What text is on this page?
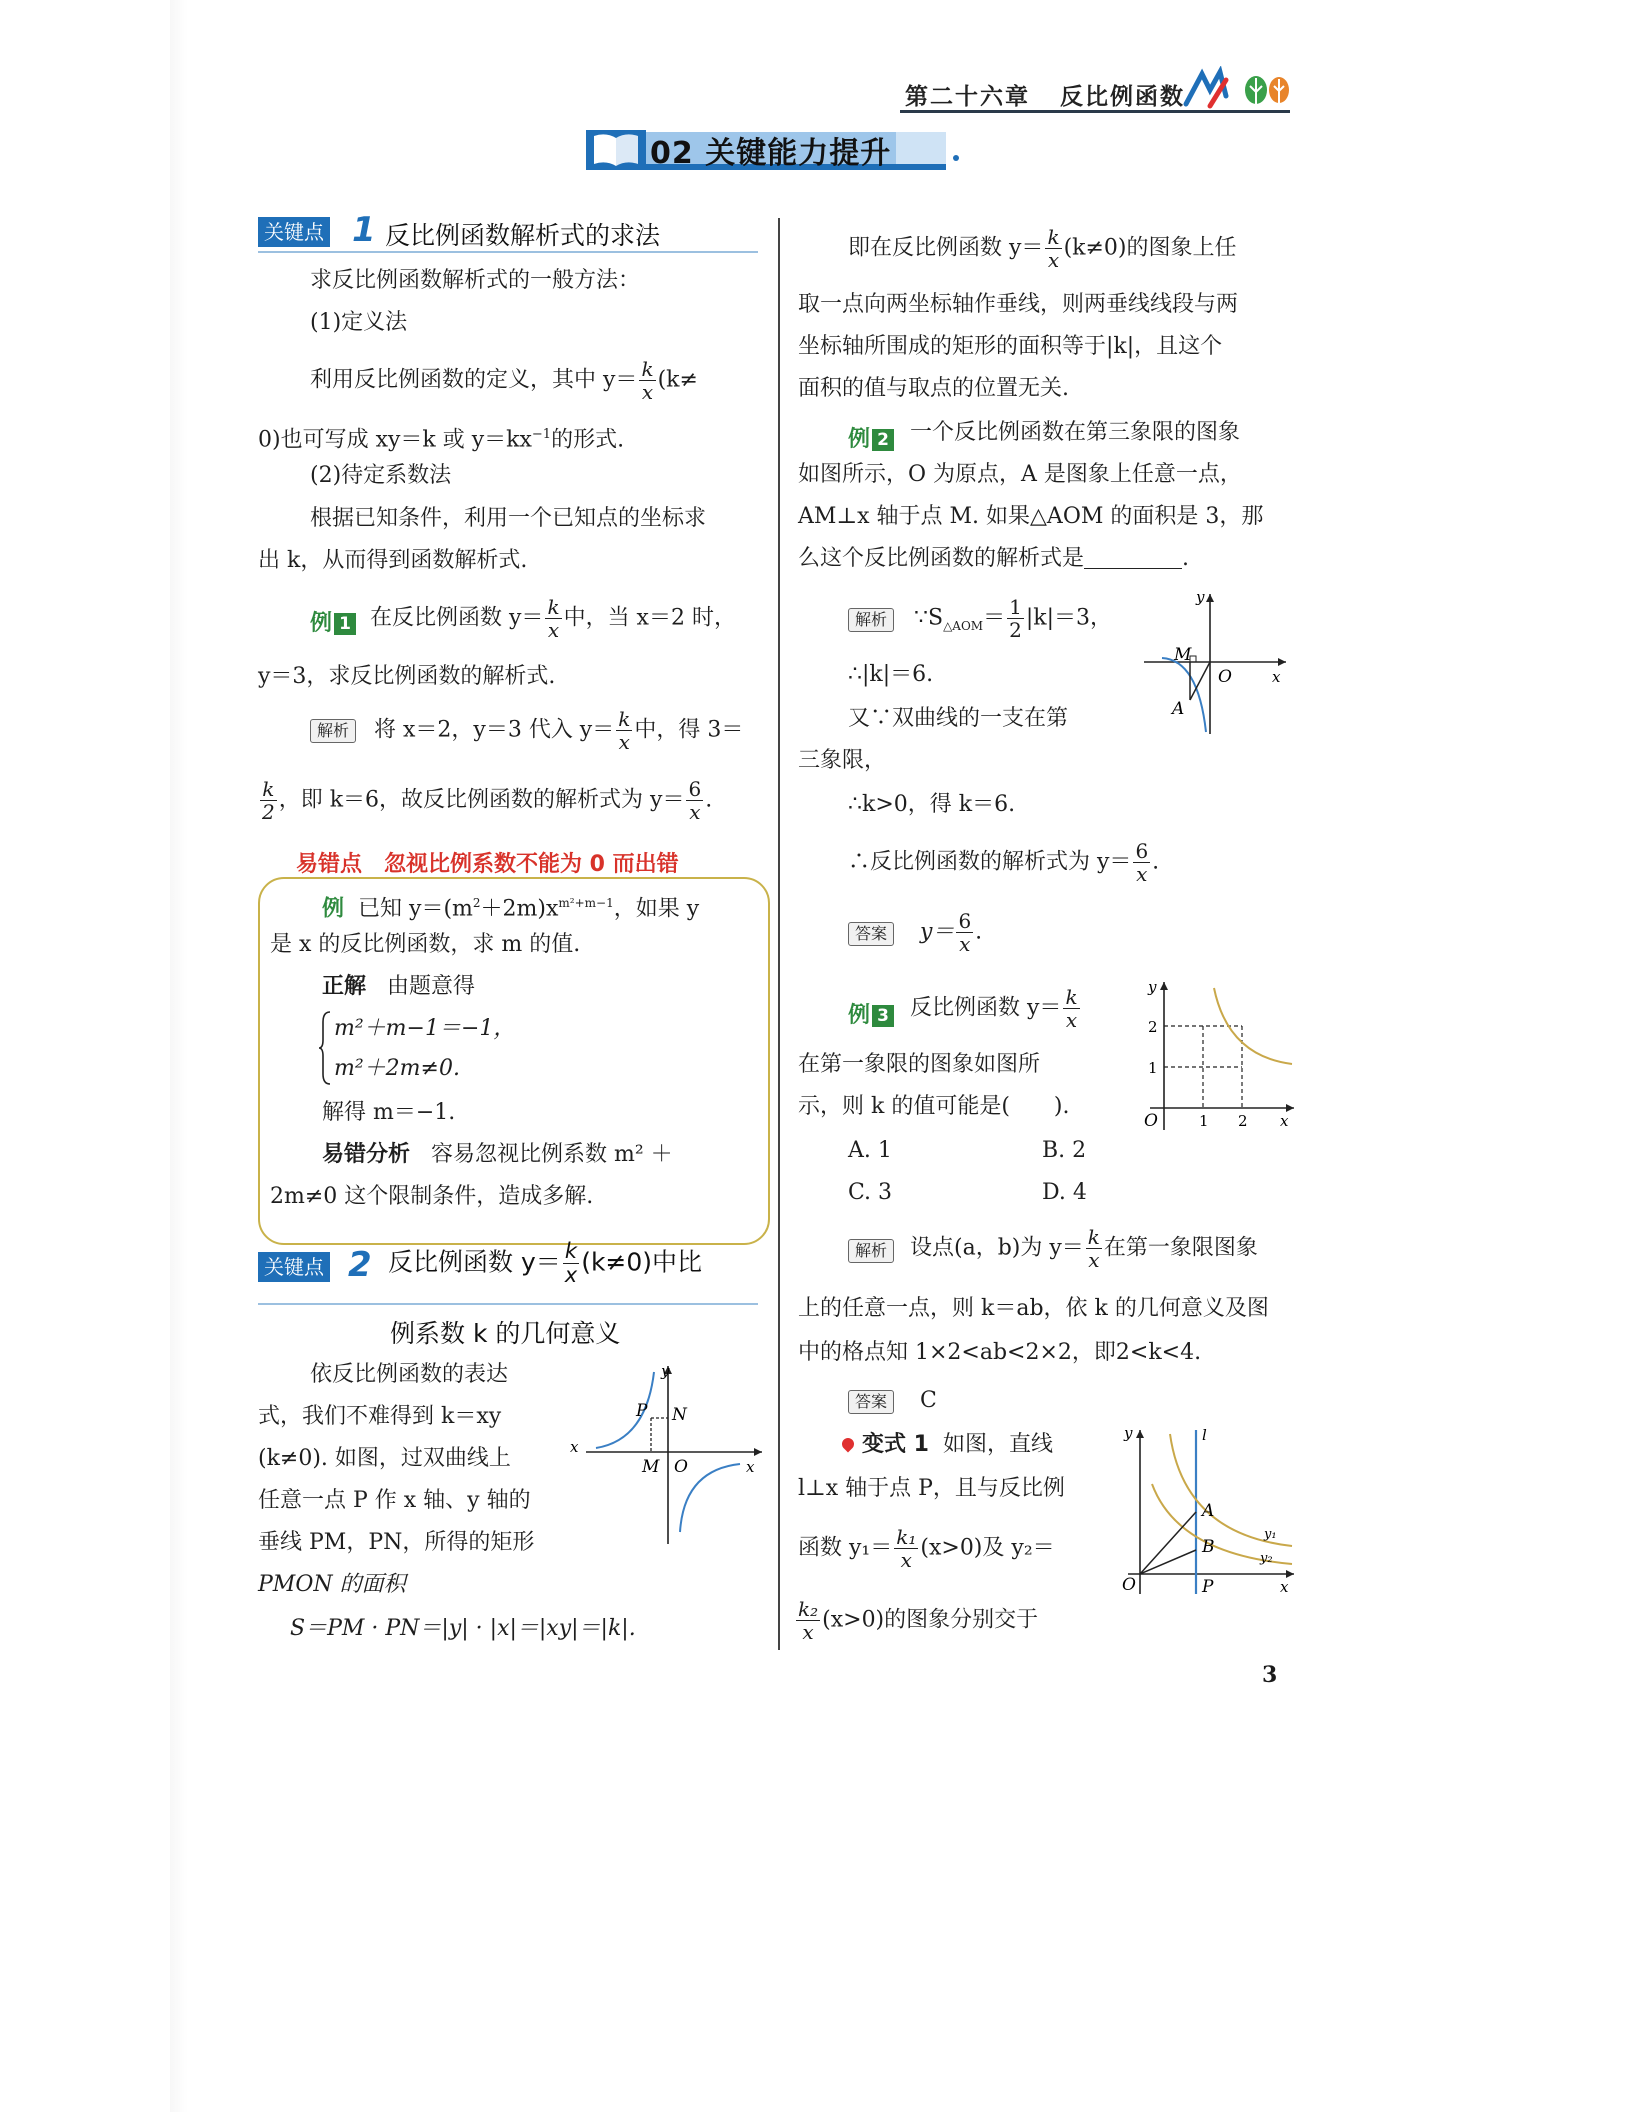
第二十六章 反比例函数
02 关键能力提升
关键点 1 反比例函数解析式的求法
求反比例函数解析式的一般方法：
(1)定义法
利用反比例函数的定义，其中 $y= \frac{k}{x} (k\ne$
0)也可写成 xy＝k 或 $y=kx^{-1}$的形式.
(2)待定系数法
根据已知条件，利用一个已知点的坐标求
出 k，从而得到函数解析式.
例 1 在反比例函数 $y= \frac{k}{x}$ 中，当 x＝2 时，
y＝3，求反比例函数的解析式.
解析	将 x＝2，y＝3 代入 $y= \frac{k}{x}$ 中，得 3＝
$\frac{k}{2}$ ，即 k＝6，故反比例函数的解析式为 $y= \frac{6}{x}$ .
易错点　忽视比例系数不能为 0 而出错
例 已知 $y=(m^2+2m)x^{m^2+m-1}$，如果 y
是 x 的反比例函数，求 m 的值.
正解 由题意得
m²＋m−1＝−1，
m²＋2m≠0.
解得 m＝−1.
易错分析 容易忽视比例系数 m² ＋
2m≠0 这个限制条件，造成多解.
关键点 2 反比例函数 $y= \frac{k}{x} (k\ne 0)$中比
例系数 k 的几何意义
依反比例函数的表达
式，我们不难得到 k＝xy
(k≠0). 如图，过双曲线上
任意一点 P 作 x 轴、y 轴的
垂线 PM，PN，所得的矩形
PMON 的面积
S＝PM · PN＝|y| · |x|＝|xy|＝|k|.
y
P N
x
M O	x
即在反比例函数 $y= \frac{k}{x} (k\ne 0)$的图象上任
取一点向两坐标轴作垂线，则两垂线线段与两
坐标轴所围成的矩形的面积等于|k|，且这个
面积的值与取点的位置无关.
例 2 一个反比例函数在第三象限的图象
如图所示，O 为原点，A 是图象上任意一点，
AM⊥x 轴于点 M. 如果△AOM 的面积是 3，那
么这个反比例函数的解析式是	.
解析	$\because S_{\triangle AOM}= \frac{1}{2} |k|=3$，
∴|k|＝6.
又∵双曲线的一支在第
三象限，
∴k>0，得 k＝6.
∴反比例函数的解析式为 $y= \frac{6}{x}$ .
答案	$y= \frac{6}{x}$ .
y
M
O	x
A
例 3 反比例函数 $y= \frac{k}{x}$
在第一象限的图象如图所
示，则 k 的值可能是(　　).
A. 1	B. 2
C. 3	D. 4
y
2
1
O	1 2 x
解析	设点(a，b)为 $y= \frac{k}{x}$ 在第一象限图象
上的任意一点，则 k＝ab，依 k 的几何意义及图
中的格点知 1×2<ab<2×2，即2<k<4.
答案	C
变式 1 如图，直线
l⊥x 轴于点 P，且与反比例
函数 $y_1= \frac{\text{k₁}}{x} (x>0)$及 y₂＝
$\frac{\text{k₂}}{x} (x>0)$的图象分别交于
y	l
A
B
y₁
y₂
O	P	x
3
